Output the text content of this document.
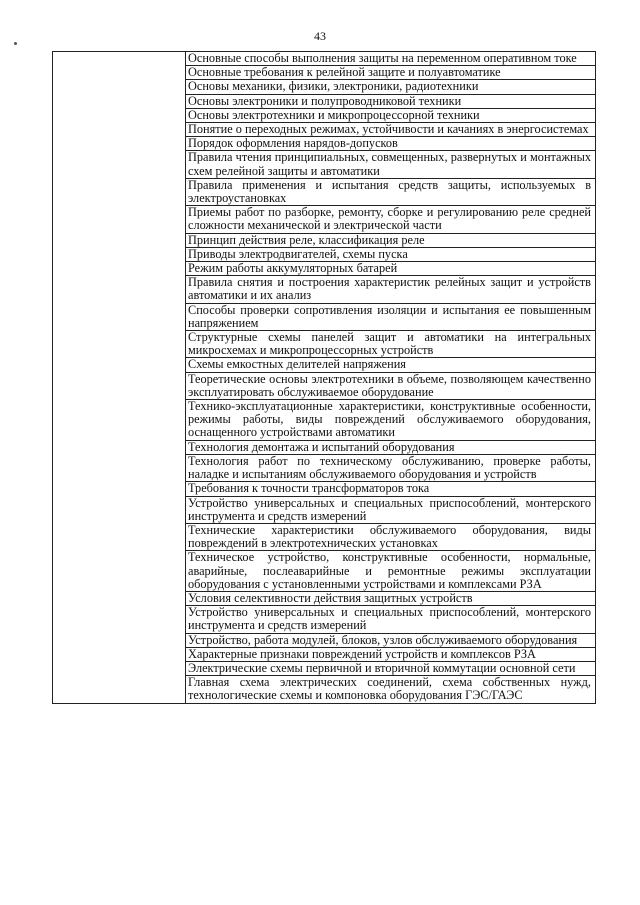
43
	Основные способы выполнения защиты на переменном оперативном токе
Основные требования к релейной защите и полуавтоматике
Основы механики, физики, электроники, радиотехники
Основы электроники и полупроводниковой техники
Основы электротехники и микропроцессорной техники
Понятие о переходных режимах, устойчивости и качаниях в энергосистемах
Порядок оформления нарядов-допусков
Правила чтения принципиальных, совмещенных, развернутых и монтажных схем релейной защиты и автоматики
Правила применения и испытания средств защиты, используемых в электроустановках
Приемы работ по разборке, ремонту, сборке и регулированию реле средней сложности механической и электрической части
Принцип действия реле, классификация реле
Приводы электродвигателей, схемы пуска
Режим работы аккумуляторных батарей
Правила снятия и построения характеристик релейных защит и устройств автоматики и их анализ
Способы проверки сопротивления изоляции и испытания ее повышенным напряжением
Структурные схемы панелей защит и автоматики на интегральных микросхемах и микропроцессорных устройств
Схемы емкостных делителей напряжения
Теоретические основы электротехники в объеме, позволяющем качественно эксплуатировать обслуживаемое оборудование
Технико-эксплуатационные характеристики, конструктивные особенности, режимы работы, виды повреждений обслуживаемого оборудования, оснащенного устройствами автоматики
Технология демонтажа и испытаний оборудования
Технология работ по техническому обслуживанию, проверке работы, наладке и испытаниям обслуживаемого оборудования и устройств
Требования к точности трансформаторов тока
Устройство универсальных и специальных приспособлений, монтерского инструмента и средств измерений
Технические характеристики обслуживаемого оборудования, виды повреждений в электротехнических установках
Техническое устройство, конструктивные особенности, нормальные, аварийные, послеаварийные и ремонтные режимы эксплуатации оборудования с установленными устройствами и комплексами РЗА
Условия селективности действия защитных устройств
Устройство универсальных и специальных приспособлений, монтерского инструмента и средств измерений
Устройство, работа модулей, блоков, узлов обслуживаемого оборудования
Характерные признаки повреждений устройств и комплексов РЗА
Электрические схемы первичной и вторичной коммутации основной сети
Главная схема электрических соединений, схема собственных нужд, технологические схемы и компоновка оборудования ГЭС/ГАЭС
